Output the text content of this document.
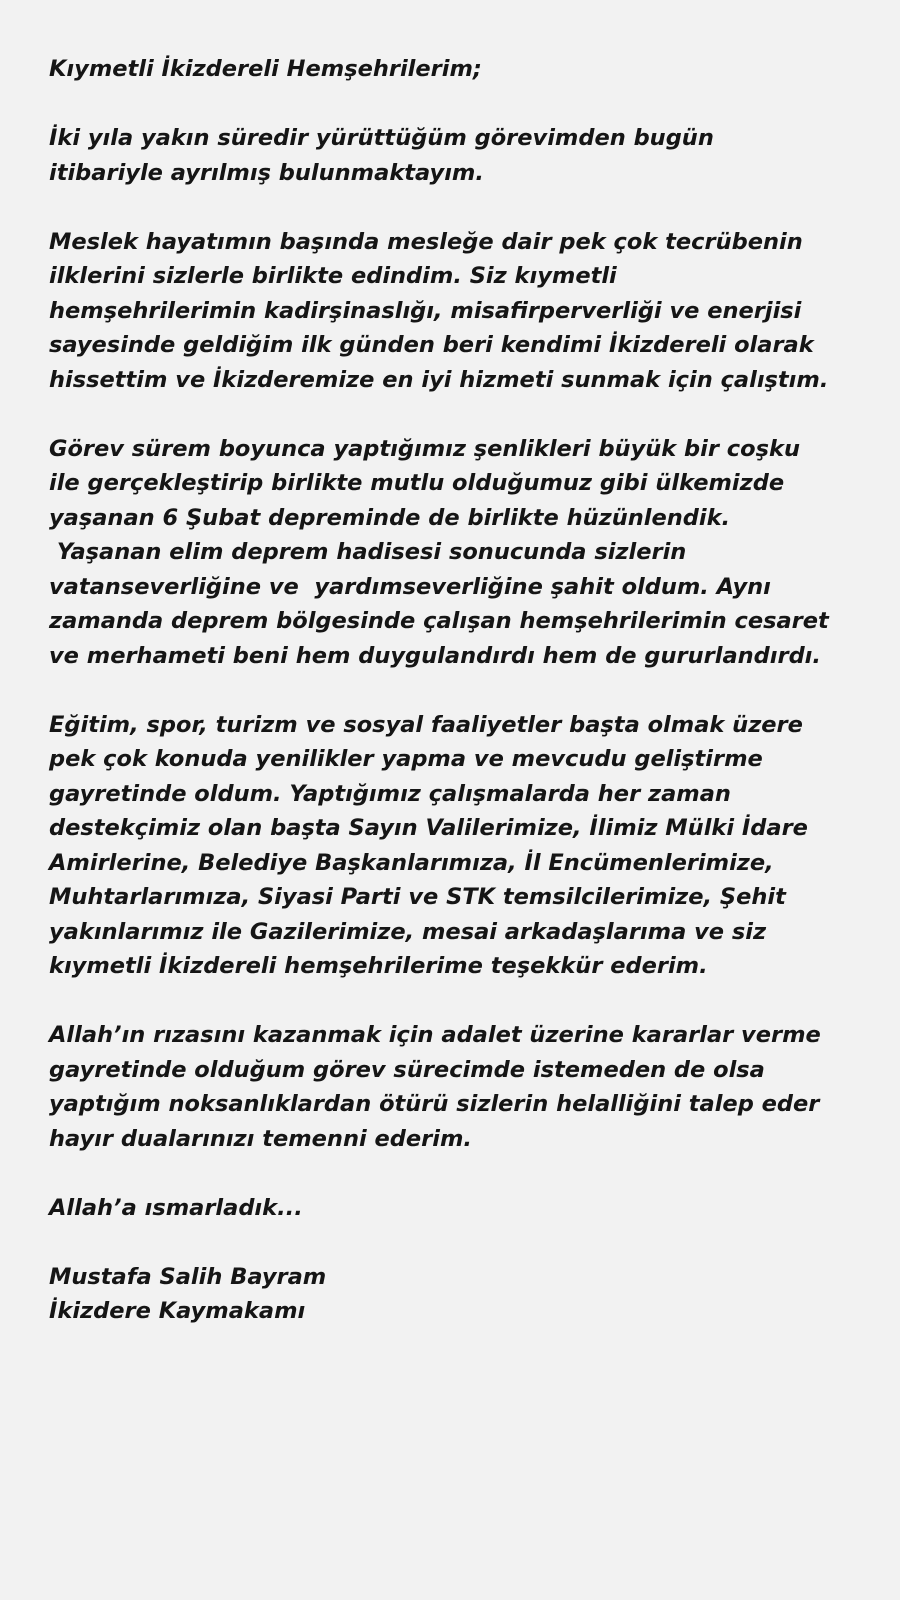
Kıymetli İkizdereli Hemşehrilerim;
İki yıla yakın süredir yürüttüğüm görevimden bugün
itibariyle ayrılmış bulunmaktayım.
Meslek hayatımın başında mesleğe dair pek çok tecrübenin
ilklerini sizlerle birlikte edindim. Siz kıymetli
hemşehrilerimin kadirşinaslığı, misafirperverliği ve enerjisi
sayesinde geldiğim ilk günden beri kendimi İkizdereli olarak
hissettim ve İkizderemize en iyi hizmeti sunmak için çalıştım.
Görev sürem boyunca yaptığımız şenlikleri büyük bir coşku
ile gerçekleştirip birlikte mutlu olduğumuz gibi ülkemizde
yaşanan 6 Şubat depreminde de birlikte hüzünlendik.
Yaşanan elim deprem hadisesi sonucunda sizlerin
vatanseverliğine ve  yardımseverliğine şahit oldum. Aynı
zamanda deprem bölgesinde çalışan hemşehrilerimin cesaret
ve merhameti beni hem duygulandırdı hem de gururlandırdı.
Eğitim, spor, turizm ve sosyal faaliyetler başta olmak üzere
pek çok konuda yenilikler yapma ve mevcudu geliştirme
gayretinde oldum. Yaptığımız çalışmalarda her zaman
destekçimiz olan başta Sayın Valilerimize, İlimiz Mülki İdare
Amirlerine, Belediye Başkanlarımıza, İl Encümenlerimize,
Muhtarlarımıza, Siyasi Parti ve STK temsilcilerimize, Şehit
yakınlarımız ile Gazilerimize, mesai arkadaşlarıma ve siz
kıymetli İkizdereli hemşehrilerime teşekkür ederim.
Allah’ın rızasını kazanmak için adalet üzerine kararlar verme
gayretinde olduğum görev sürecimde istemeden de olsa
yaptığım noksanlıklardan ötürü sizlerin helalliğini talep eder
hayır dualarınızı temenni ederim.
Allah’a ısmarladık...
Mustafa Salih Bayram
İkizdere Kaymakamı
